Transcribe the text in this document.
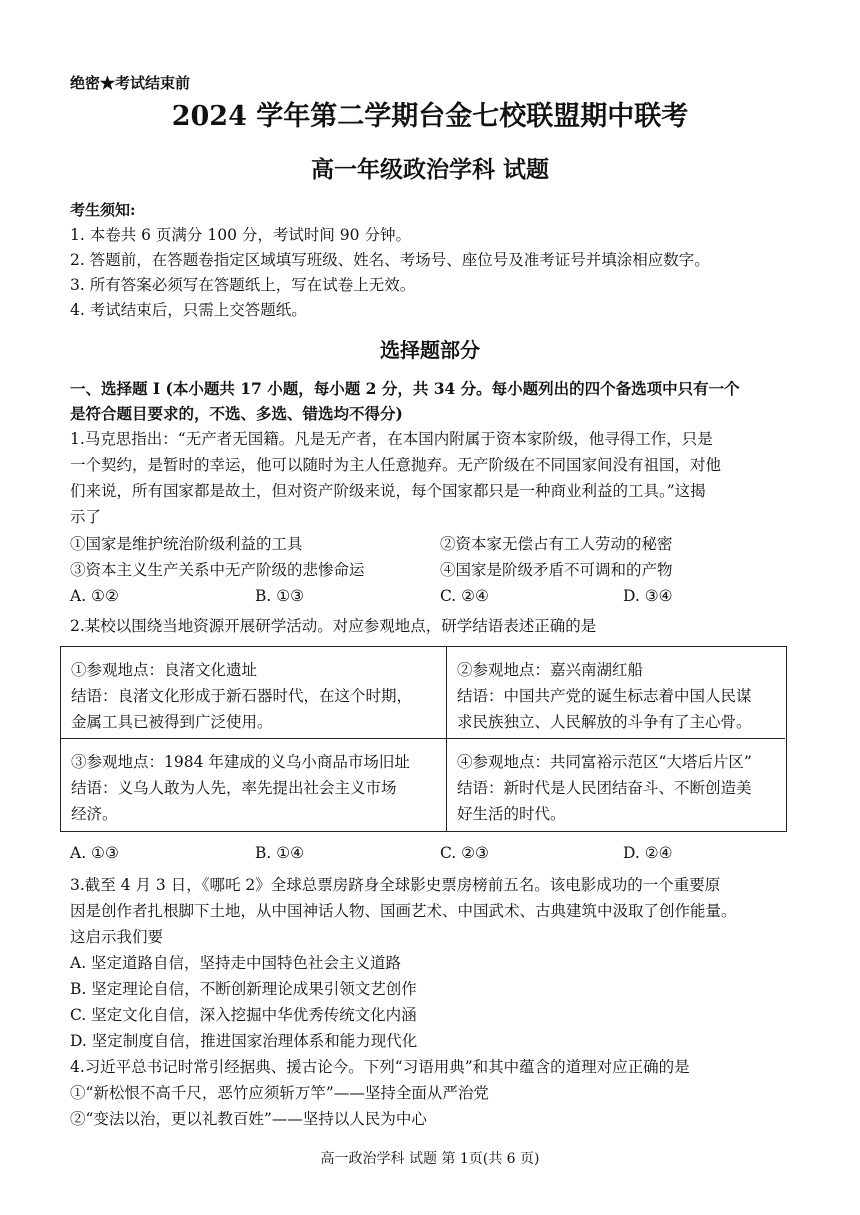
绝密★考试结束前
2024 学年第二学期台金七校联盟期中联考
高一年级政治学科 试题
考生须知:
1. 本卷共 6 页满分 100 分，考试时间 90 分钟。
2. 答题前，在答题卷指定区域填写班级、姓名、考场号、座位号及准考证号并填涂相应数字。
3. 所有答案必须写在答题纸上，写在试卷上无效。
4. 考试结束后，只需上交答题纸。
选择题部分
一、选择题 I (本小题共 17 小题，每小题 2 分，共 34 分。每小题列出的四个备选项中只有一个
是符合题目要求的，不选、多选、错选均不得分)
1.马克思指出：“无产者无国籍。凡是无产者，在本国内附属于资本家阶级，他寻得工作，只是
一个契约，是暂时的幸运，他可以随时为主人任意抛弃。无产阶级在不同国家间没有祖国，对他
们来说，所有国家都是故土，但对资产阶级来说，每个国家都只是一种商业利益的工具。”这揭
示了
①国家是维护统治阶级利益的工具	②资本家无偿占有工人劳动的秘密
③资本主义生产关系中无产阶级的悲惨命运	④国家是阶级矛盾不可调和的产物
A. ①②	B. ①③	C. ②④	D. ③④
2.某校以围绕当地资源开展研学活动。对应参观地点，研学结语表述正确的是
①参观地点：良渚文化遗址
结语：良渚文化形成于新石器时代，在这个时期，
金属工具已被得到广泛使用。
②参观地点：嘉兴南湖红船
结语：中国共产党的诞生标志着中国人民谋
求民族独立、人民解放的斗争有了主心骨。
③参观地点：1984 年建成的义乌小商品市场旧址
结语：义乌人敢为人先，率先提出社会主义市场
经济。
④参观地点：共同富裕示范区“大塔后片区”
结语：新时代是人民团结奋斗、不断创造美
好生活的时代。
A. ①③	B. ①④	C. ②③	D. ②④
3.截至 4 月 3 日，《哪吒 2》全球总票房跻身全球影史票房榜前五名。该电影成功的一个重要原
因是创作者扎根脚下土地，从中国神话人物、国画艺术、中国武术、古典建筑中汲取了创作能量。
这启示我们要
A. 坚定道路自信，坚持走中国特色社会主义道路
B. 坚定理论自信，不断创新理论成果引领文艺创作
C. 坚定文化自信，深入挖掘中华优秀传统文化内涵
D. 坚定制度自信，推进国家治理体系和能力现代化
4.习近平总书记时常引经据典、援古论今。下列“习语用典”和其中蕴含的道理对应正确的是
①“新松恨不高千尺，恶竹应须斩万竿”——坚持全面从严治党
②“变法以治，更以礼教百姓”——坚持以人民为中心
高一政治学科 试题 第 1页(共 6 页)
